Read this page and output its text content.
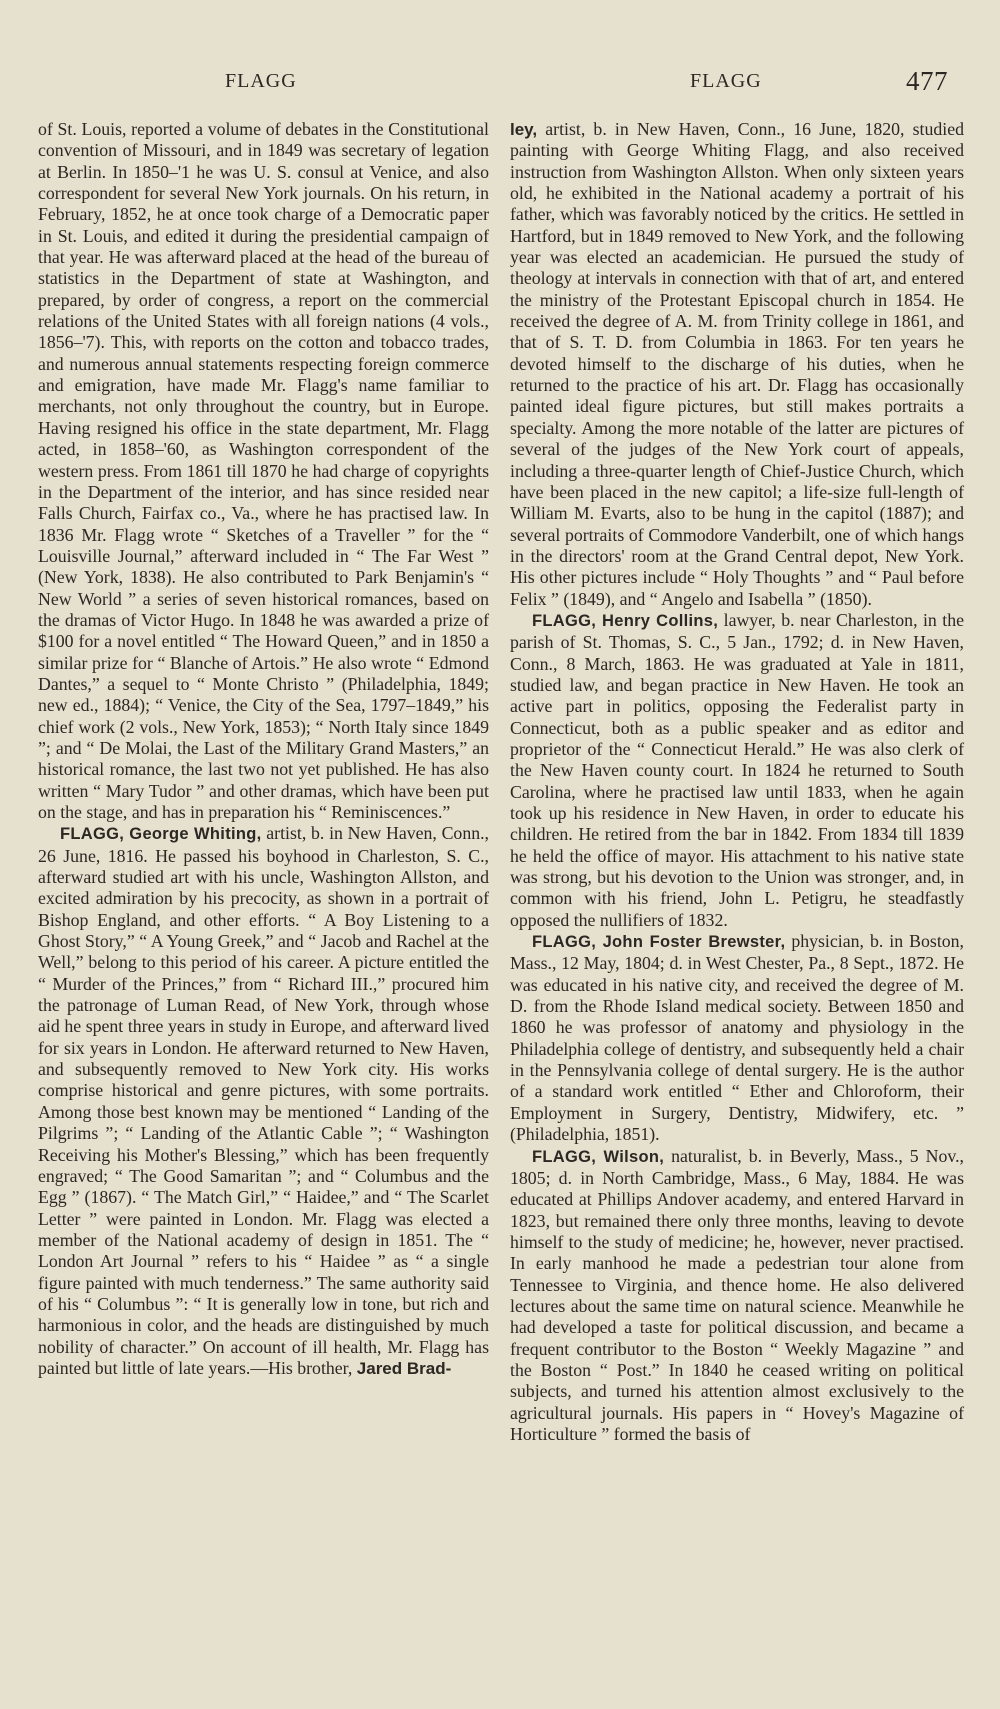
FLAGG	FLAGG	477

of St. Louis, reported a volume of debates in the Constitutional convention of Missouri, and in 1849 was secretary of legation at Berlin. In 1850–'1 he was U. S. consul at Venice, and also correspondent for several New York journals. On his return, in February, 1852, he at once took charge of a Democratic paper in St. Louis, and edited it during the presidential campaign of that year. He was afterward placed at the head of the bureau of statistics in the Department of state at Washington, and prepared, by order of congress, a report on the commercial relations of the United States with all foreign nations (4 vols., 1856–'7). This, with reports on the cotton and tobacco trades, and numerous annual statements respecting foreign commerce and emigration, have made Mr. Flagg's name familiar to merchants, not only throughout the country, but in Europe. Having resigned his office in the state department, Mr. Flagg acted, in 1858–'60, as Washington correspondent of the western press. From 1861 till 1870 he had charge of copyrights in the Department of the interior, and has since resided near Falls Church, Fairfax co., Va., where he has practised law. In 1836 Mr. Flagg wrote “ Sketches of a Traveller ” for the “ Louisville Journal,” afterward included in “ The Far West ” (New York, 1838). He also contributed to Park Benjamin's “ New World ” a series of seven historical romances, based on the dramas of Victor Hugo. In 1848 he was awarded a prize of $100 for a novel entitled “ The Howard Queen,” and in 1850 a similar prize for “ Blanche of Artois.” He also wrote “ Edmond Dantes,” a sequel to “ Monte Christo ” (Philadelphia, 1849; new ed., 1884); “ Venice, the City of the Sea, 1797–1849,” his chief work (2 vols., New York, 1853); “ North Italy since 1849 ”; and “ De Molai, the Last of the Military Grand Masters,” an historical romance, the last two not yet published. He has also written “ Mary Tudor ” and other dramas, which have been put on the stage, and has in preparation his “ Reminiscences.”

FLAGG, George Whiting, artist, b. in New Haven, Conn., 26 June, 1816. He passed his boyhood in Charleston, S. C., afterward studied art with his uncle, Washington Allston, and excited admiration by his precocity, as shown in a portrait of Bishop England, and other efforts. “ A Boy Listening to a Ghost Story,” “ A Young Greek,” and “ Jacob and Rachel at the Well,” belong to this period of his career. A picture entitled the “ Murder of the Princes,” from “ Richard III.,” procured him the patronage of Luman Read, of New York, through whose aid he spent three years in study in Europe, and afterward lived for six years in London. He afterward returned to New Haven, and subsequently removed to New York city. His works comprise historical and genre pictures, with some portraits. Among those best known may be mentioned “ Landing of the Pilgrims ”; “ Landing of the Atlantic Cable ”; “ Washington Receiving his Mother's Blessing,” which has been frequently engraved; “ The Good Samaritan ”; and “ Columbus and the Egg ” (1867). “ The Match Girl,” “ Haidee,” and “ The Scarlet Letter ” were painted in London. Mr. Flagg was elected a member of the National academy of design in 1851. The “ London Art Journal ” refers to his “ Haidee ” as “ a single figure painted with much tenderness.” The same authority said of his “ Columbus ”: “ It is generally low in tone, but rich and harmonious in color, and the heads are distinguished by much nobility of character.” On account of ill health, Mr. Flagg has painted but little of late years.—His brother, Jared Brad-

ley, artist, b. in New Haven, Conn., 16 June, 1820, studied painting with George Whiting Flagg, and also received instruction from Washington Allston. When only sixteen years old, he exhibited in the National academy a portrait of his father, which was favorably noticed by the critics. He settled in Hartford, but in 1849 removed to New York, and the following year was elected an academician. He pursued the study of theology at intervals in connection with that of art, and entered the ministry of the Protestant Episcopal church in 1854. He received the degree of A. M. from Trinity college in 1861, and that of S. T. D. from Columbia in 1863. For ten years he devoted himself to the discharge of his duties, when he returned to the practice of his art. Dr. Flagg has occasionally painted ideal figure pictures, but still makes portraits a specialty. Among the more notable of the latter are pictures of several of the judges of the New York court of appeals, including a three-quarter length of Chief-Justice Church, which have been placed in the new capitol; a life-size full-length of William M. Evarts, also to be hung in the capitol (1887); and several portraits of Commodore Vanderbilt, one of which hangs in the directors' room at the Grand Central depot, New York. His other pictures include “ Holy Thoughts ” and “ Paul before Felix ” (1849), and “ Angelo and Isabella ” (1850).

FLAGG, Henry Collins, lawyer, b. near Charleston, in the parish of St. Thomas, S. C., 5 Jan., 1792; d. in New Haven, Conn., 8 March, 1863. He was graduated at Yale in 1811, studied law, and began practice in New Haven. He took an active part in politics, opposing the Federalist party in Connecticut, both as a public speaker and as editor and proprietor of the “ Connecticut Herald.” He was also clerk of the New Haven county court. In 1824 he returned to South Carolina, where he practised law until 1833, when he again took up his residence in New Haven, in order to educate his children. He retired from the bar in 1842. From 1834 till 1839 he held the office of mayor. His attachment to his native state was strong, but his devotion to the Union was stronger, and, in common with his friend, John L. Petigru, he steadfastly opposed the nullifiers of 1832.

FLAGG, John Foster Brewster, physician, b. in Boston, Mass., 12 May, 1804; d. in West Chester, Pa., 8 Sept., 1872. He was educated in his native city, and received the degree of M. D. from the Rhode Island medical society. Between 1850 and 1860 he was professor of anatomy and physiology in the Philadelphia college of dentistry, and subsequently held a chair in the Pennsylvania college of dental surgery. He is the author of a standard work entitled “ Ether and Chloroform, their Employment in Surgery, Dentistry, Midwifery, etc. ” (Philadelphia, 1851).

FLAGG, Wilson, naturalist, b. in Beverly, Mass., 5 Nov., 1805; d. in North Cambridge, Mass., 6 May, 1884. He was educated at Phillips Andover academy, and entered Harvard in 1823, but remained there only three months, leaving to devote himself to the study of medicine; he, however, never practised. In early manhood he made a pedestrian tour alone from Tennessee to Virginia, and thence home. He also delivered lectures about the same time on natural science. Meanwhile he had developed a taste for political discussion, and became a frequent contributor to the Boston “ Weekly Magazine ” and the Boston “ Post.” In 1840 he ceased writing on political subjects, and turned his attention almost exclusively to the agricultural journals. His papers in “ Hovey's Magazine of Horticulture ” formed the basis of
